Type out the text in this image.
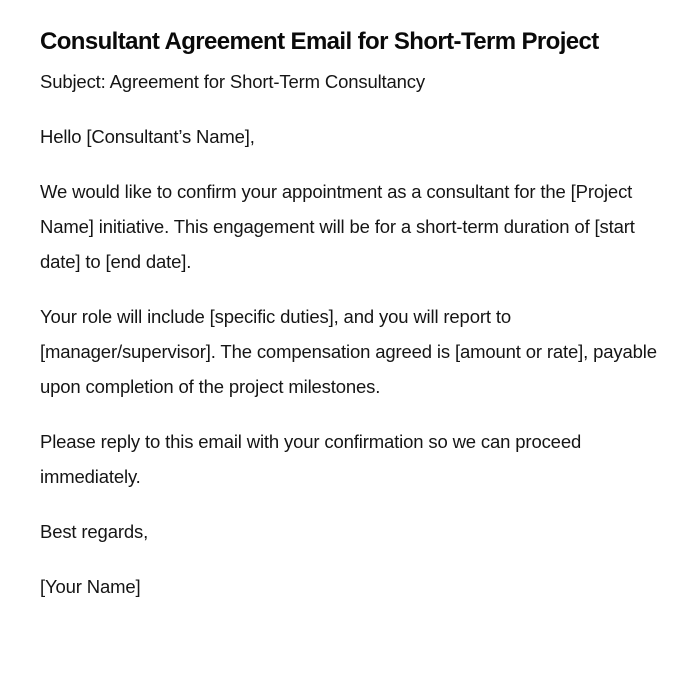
Consultant Agreement Email for Short-Term Project

Subject: Agreement for Short-Term Consultancy

Hello [Consultant’s Name],

We would like to confirm your appointment as a consultant for the [Project Name] initiative. This engagement will be for a short-term duration of [start date] to [end date].

Your role will include [specific duties], and you will report to [manager/supervisor]. The compensation agreed is [amount or rate], payable upon completion of the project milestones.

Please reply to this email with your confirmation so we can proceed immediately.

Best regards,

[Your Name]
